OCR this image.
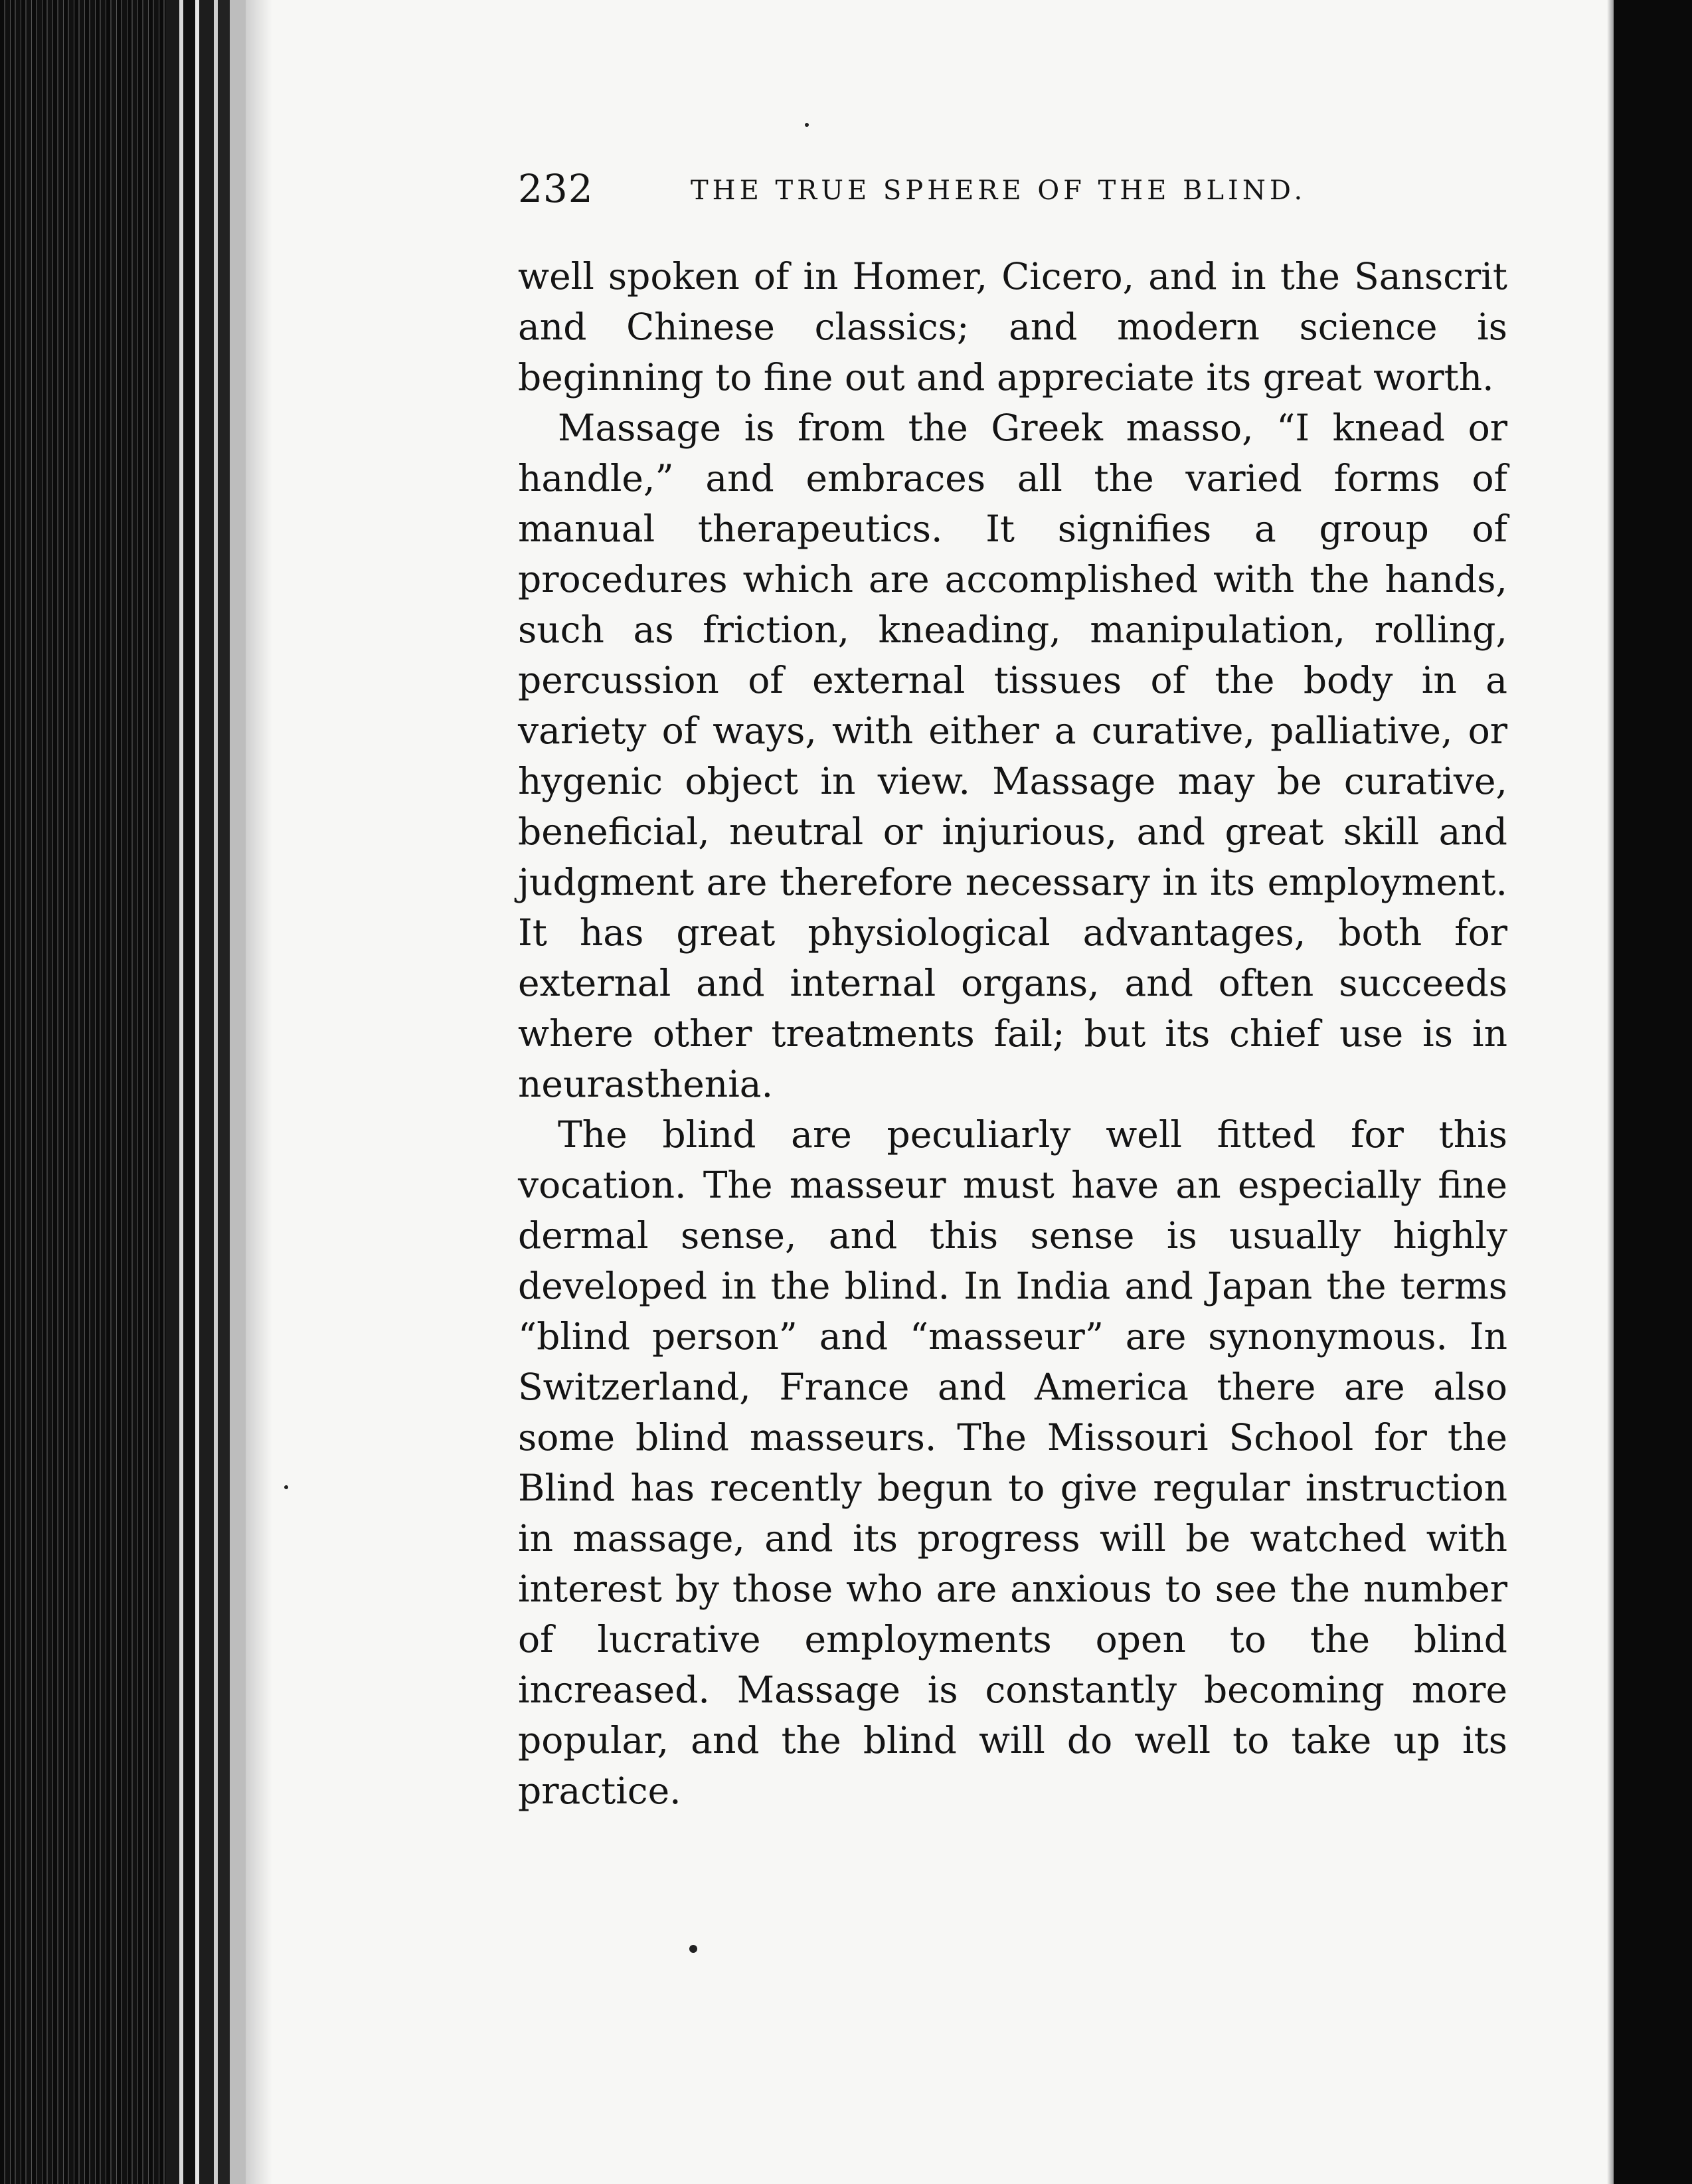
232	THE TRUE SPHERE OF THE BLIND.

well spoken of in Homer, Cicero, and in the Sanscrit and Chinese classics; and modern science is beginning to fine out and appreciate its great worth.

Massage is from the Greek masso, “I knead or handle,” and embraces all the varied forms of manual therapeutics. It signifies a group of procedures which are accomplished with the hands, such as friction, kneading, manipulation, rolling, percussion of external tissues of the body in a variety of ways, with either a curative, palliative, or hygenic object in view. Massage may be curative, beneficial, neutral or injurious, and great skill and judgment are therefore necessary in its employment. It has great physiological advantages, both for external and internal organs, and often succeeds where other treatments fail; but its chief use is in neurasthenia.

The blind are peculiarly well fitted for this vocation. The masseur must have an especially fine dermal sense, and this sense is usually highly developed in the blind. In India and Japan the terms “blind person” and “masseur” are synonymous. In Switzerland, France and America there are also some blind masseurs. The Missouri School for the Blind has recently begun to give regular instruction in massage, and its progress will be watched with interest by those who are anxious to see the number of lucrative employments open to the blind increased. Massage is constantly becoming more popular, and the blind will do well to take up its practice.
